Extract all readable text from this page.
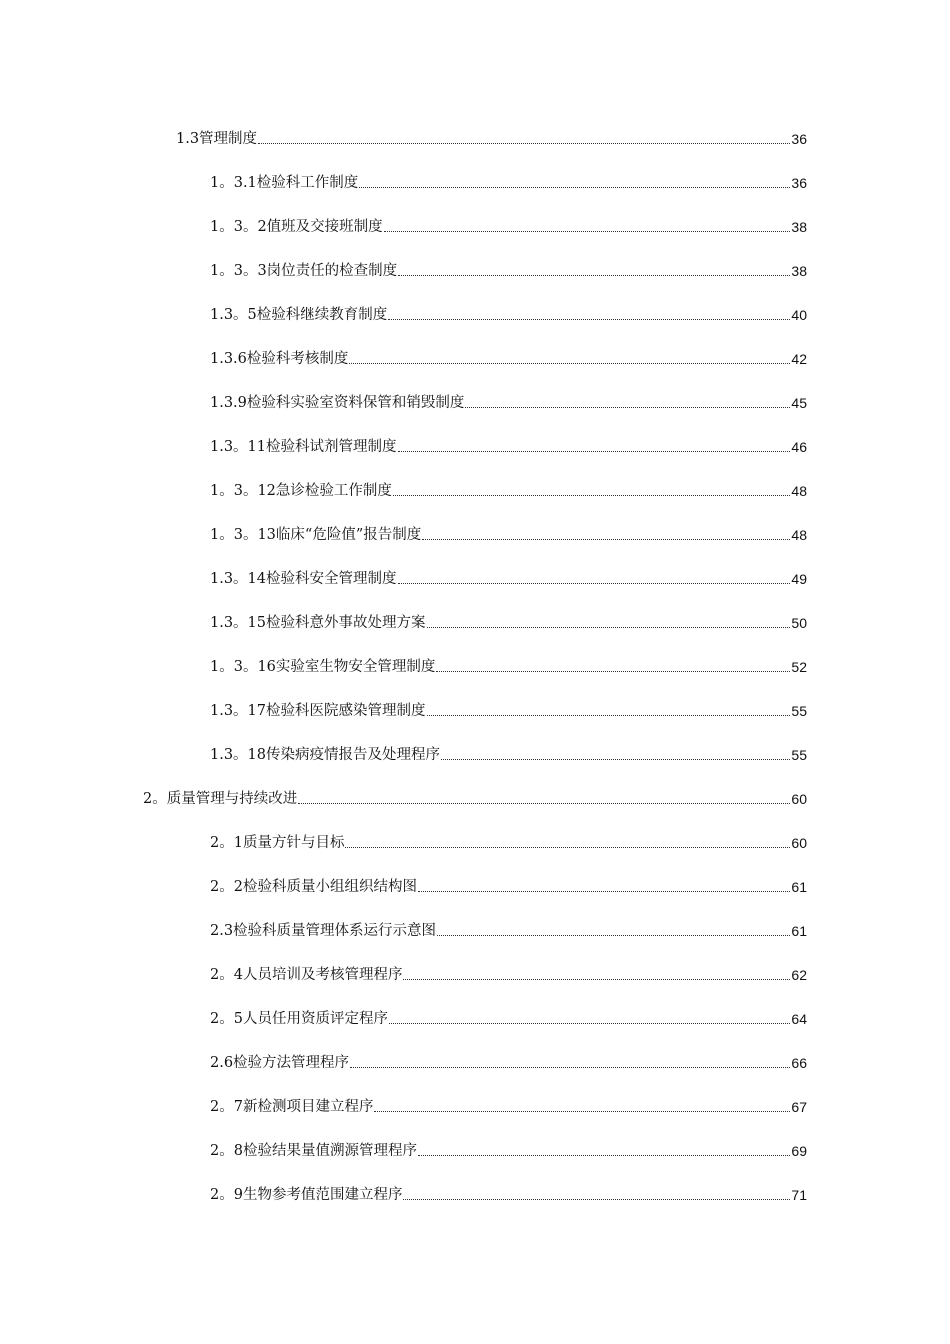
1.3管理制度	36
1。3.1检验科工作制度	36
1。3。2值班及交接班制度	38
1。3。3岗位责任的检查制度	38
1.3。5检验科继续教育制度	40
1.3.6检验科考核制度	42
1.3.9检验科实验室资料保管和销毁制度	45
1.3。11检验科试剂管理制度	46
1。3。12急诊检验工作制度	48
1。3。13临床“危险值”报告制度	48
1.3。14检验科安全管理制度	49
1.3。15检验科意外事故处理方案	50
1。3。16实验室生物安全管理制度	52
1.3。17检验科医院感染管理制度	55
1.3。18传染病疫情报告及处理程序	55
2。质量管理与持续改进	60
2。1质量方针与目标	60
2。2检验科质量小组组织结构图	61
2.3检验科质量管理体系运行示意图	61
2。4人员培训及考核管理程序	62
2。5人员任用资质评定程序	64
2.6检验方法管理程序	66
2。7新检测项目建立程序	67
2。8检验结果量值溯源管理程序	69
2。9生物参考值范围建立程序	71
